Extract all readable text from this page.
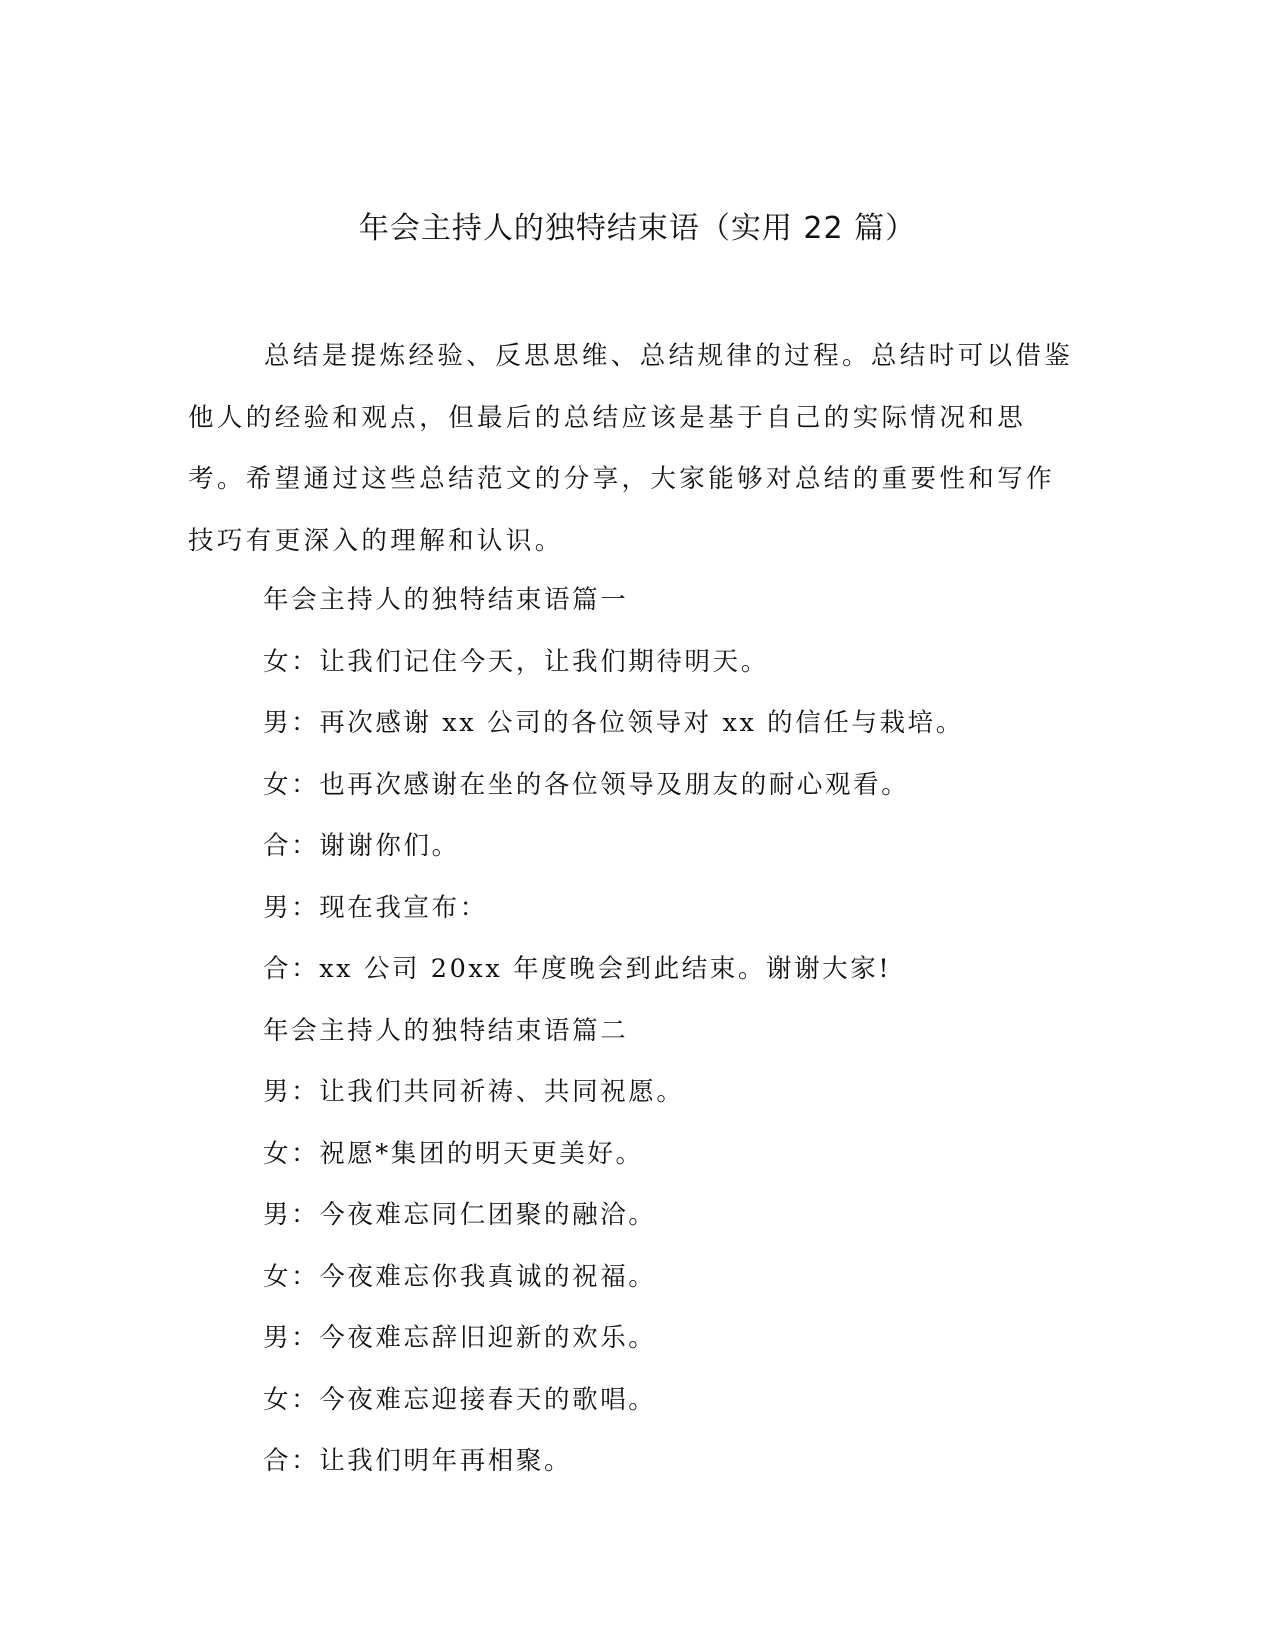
年会主持人的独特结束语（实用 22 篇）

总结是提炼经验、反思思维、总结规律的过程。总结时可以借鉴他人的经验和观点，但最后的总结应该是基于自己的实际情况和思考。希望通过这些总结范文的分享，大家能够对总结的重要性和写作技巧有更深入的理解和认识。

年会主持人的独特结束语篇一
女：让我们记住今天，让我们期待明天。
男：再次感谢 xx 公司的各位领导对 xx 的信任与栽培。
女：也再次感谢在坐的各位领导及朋友的耐心观看。
合：谢谢你们。
男：现在我宣布：
合：xx 公司 20xx 年度晚会到此结束。谢谢大家!
年会主持人的独特结束语篇二
男：让我们共同祈祷、共同祝愿。
女：祝愿*集团的明天更美好。
男：今夜难忘同仁团聚的融洽。
女：今夜难忘你我真诚的祝福。
男：今夜难忘辞旧迎新的欢乐。
女：今夜难忘迎接春天的歌唱。
合：让我们明年再相聚。
